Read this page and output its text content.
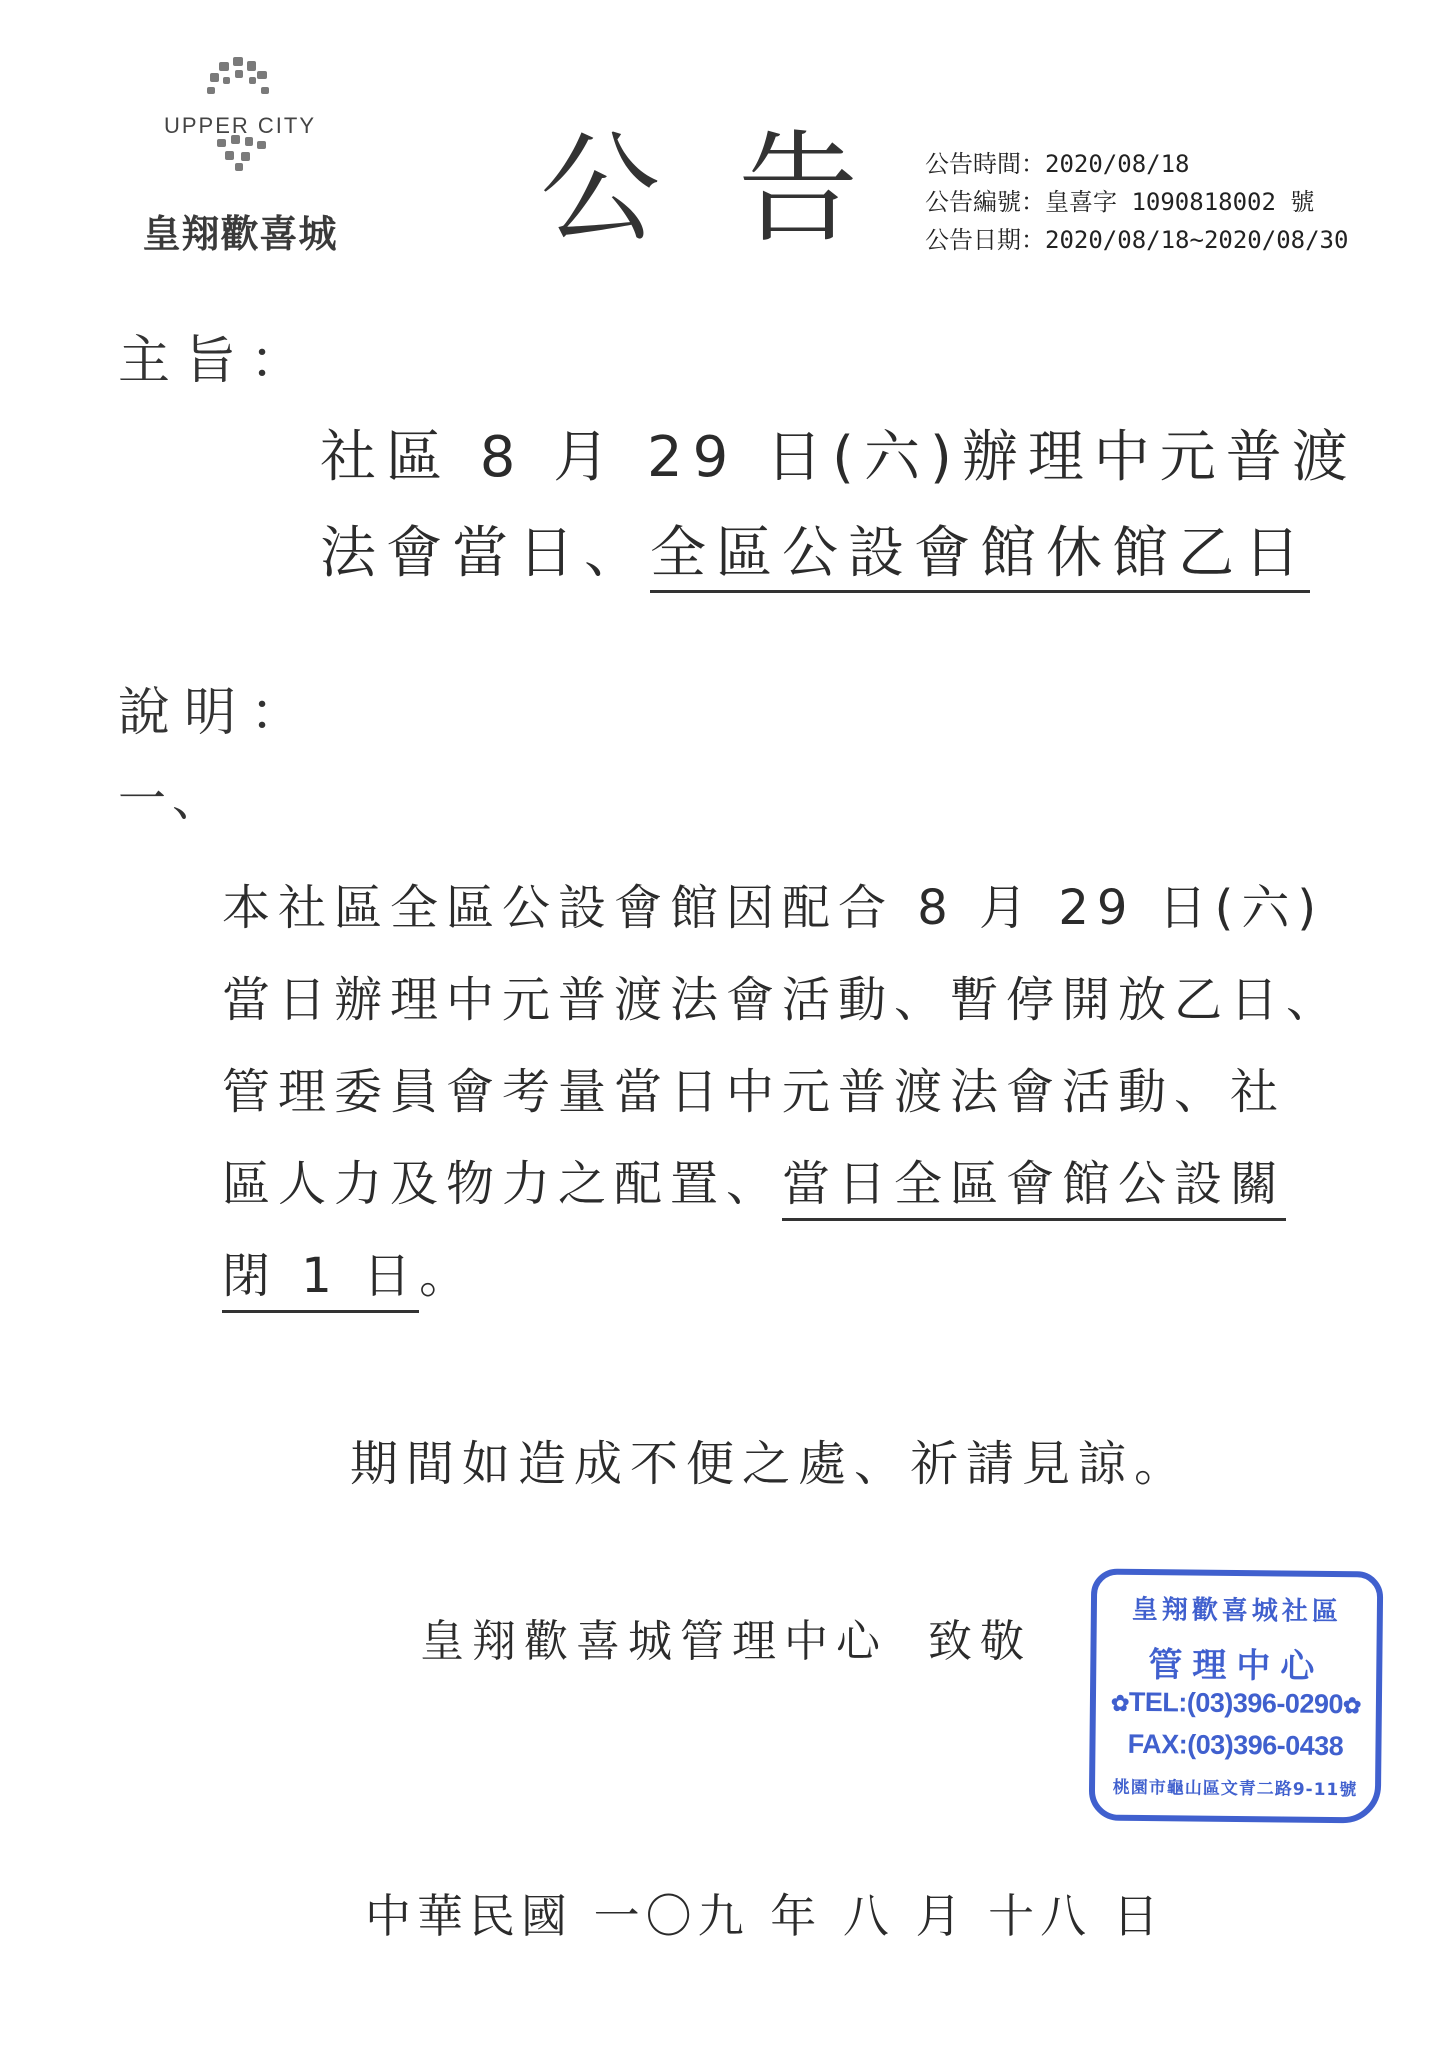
UPPER CITY
皇翔歡喜城 公告
公告時間：2020/08/18
公告編號：皇喜字 1090818002 號
公告日期：2020/08/18~2020/08/30
主旨：
社區 8 月 29 日(六)辦理中元普渡
法會當日、全區公設會館休館乙日
說明：
一、
本社區全區公設會館因配合 8 月 29 日(六)
當日辦理中元普渡法會活動、暫停開放乙日、
管理委員會考量當日中元普渡法會活動、社
區人力及物力之配置、當日全區會館公設關
閉 1 日。
期間如造成不便之處、祈請見諒。
皇翔歡喜城管理中心 致敬
皇翔歡喜城社區
管理中心
✿TEL:(03)396-0290✿
FAX:(03)396-0438
桃園市龜山區文青二路9-11號
中華民國 一〇九 年 八 月 十八 日
